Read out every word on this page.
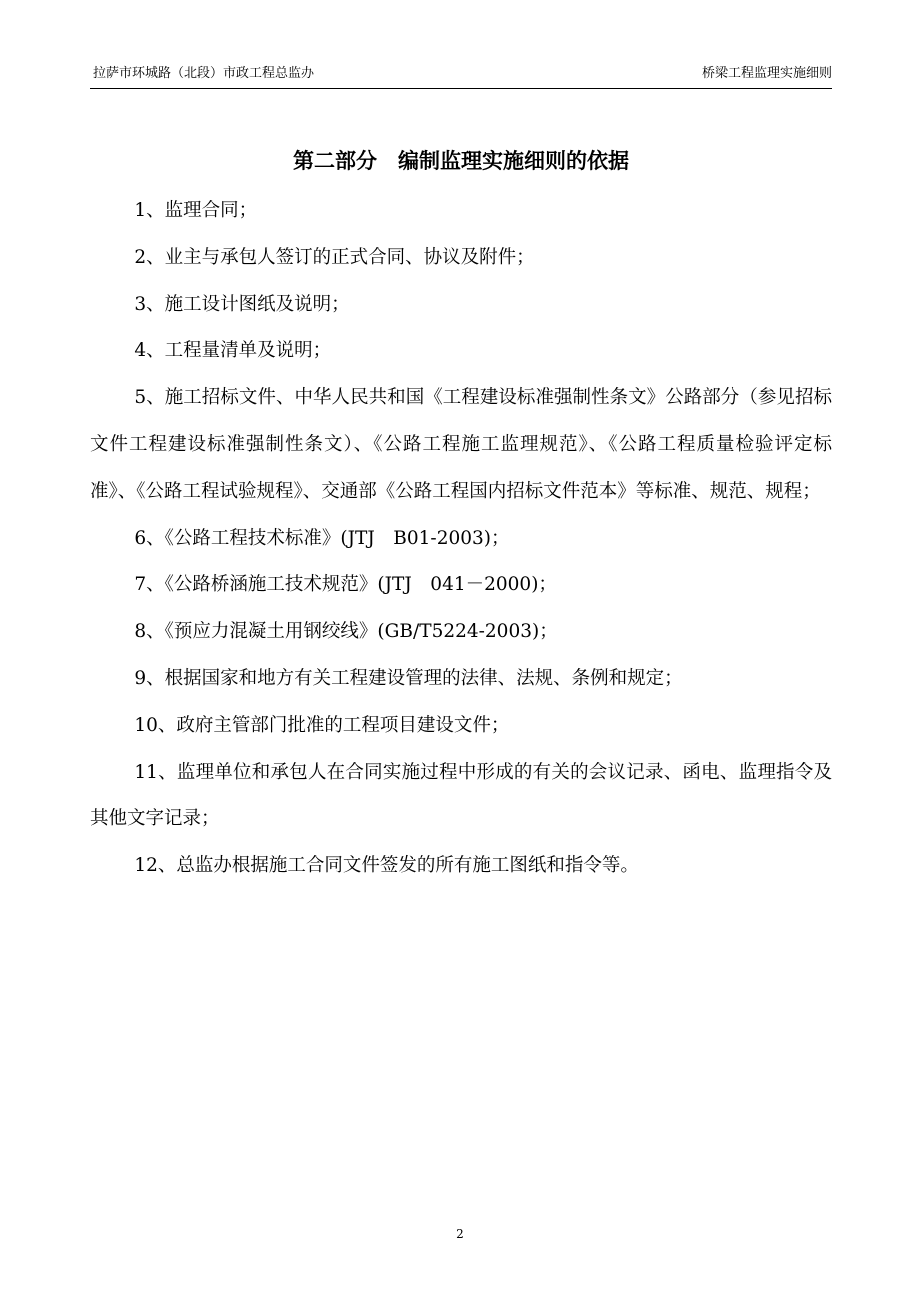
拉萨市环城路（北段）市政工程总监办	桥梁工程监理实施细则
第二部分　编制监理实施细则的依据

1、监理合同；

2、业主与承包人签订的正式合同、协议及附件；

3、施工设计图纸及说明；

4、工程量清单及说明；

5、施工招标文件、中华人民共和国《工程建设标准强制性条文》公路部分（参见招标文件工程建设标准强制性条文）、《公路工程施工监理规范》、《公路工程质量检验评定标准》、《公路工程试验规程》、交通部《公路工程国内招标文件范本》等标准、规范、规程；

6、《公路工程技术标准》(JTJ　B01-2003)；

7、《公路桥涵施工技术规范》(JTJ　041－2000)；

8、《预应力混凝土用钢绞线》(GB/T5224-2003)；

9、根据国家和地方有关工程建设管理的法律、法规、条例和规定；

10、政府主管部门批准的工程项目建设文件；

11、监理单位和承包人在合同实施过程中形成的有关的会议记录、函电、监理指令及其他文字记录；

12、总监办根据施工合同文件签发的所有施工图纸和指令等。

2
